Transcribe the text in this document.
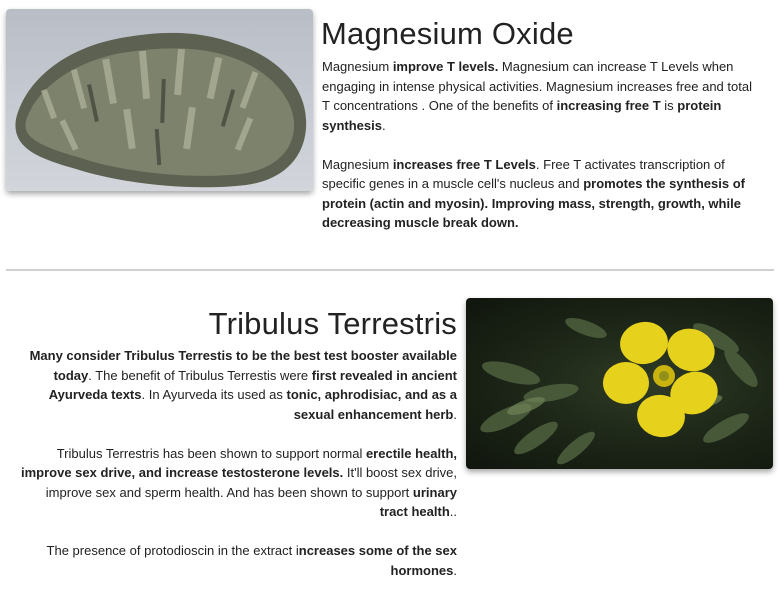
Magnesium Oxide

Magnesium improve T levels. Magnesium can increase T Levels when engaging in intense physical activities. Magnesium increases free and total T concentrations . One of the benefits of increasing free T is protein synthesis.

Magnesium increases free T Levels. Free T activates transcription of specific genes in a muscle cell's nucleus and promotes the synthesis of protein (actin and myosin). Improving mass, strength, growth, while decreasing muscle break down.

Tribulus Terrestris

Many consider Tribulus Terrestis to be the best test booster available today. The benefit of Tribulus Terrestis were first revealed in ancient Ayurveda texts. In Ayurveda its used as tonic, aphrodisiac, and as a sexual enhancement herb.

Tribulus Terrestris has been shown to support normal erectile health, improve sex drive, and increase testosterone levels. It'll boost sex drive, improve sex and sperm health. And has been shown to support urinary tract health..

The presence of protodioscin in the extract increases some of the sex hormones.
